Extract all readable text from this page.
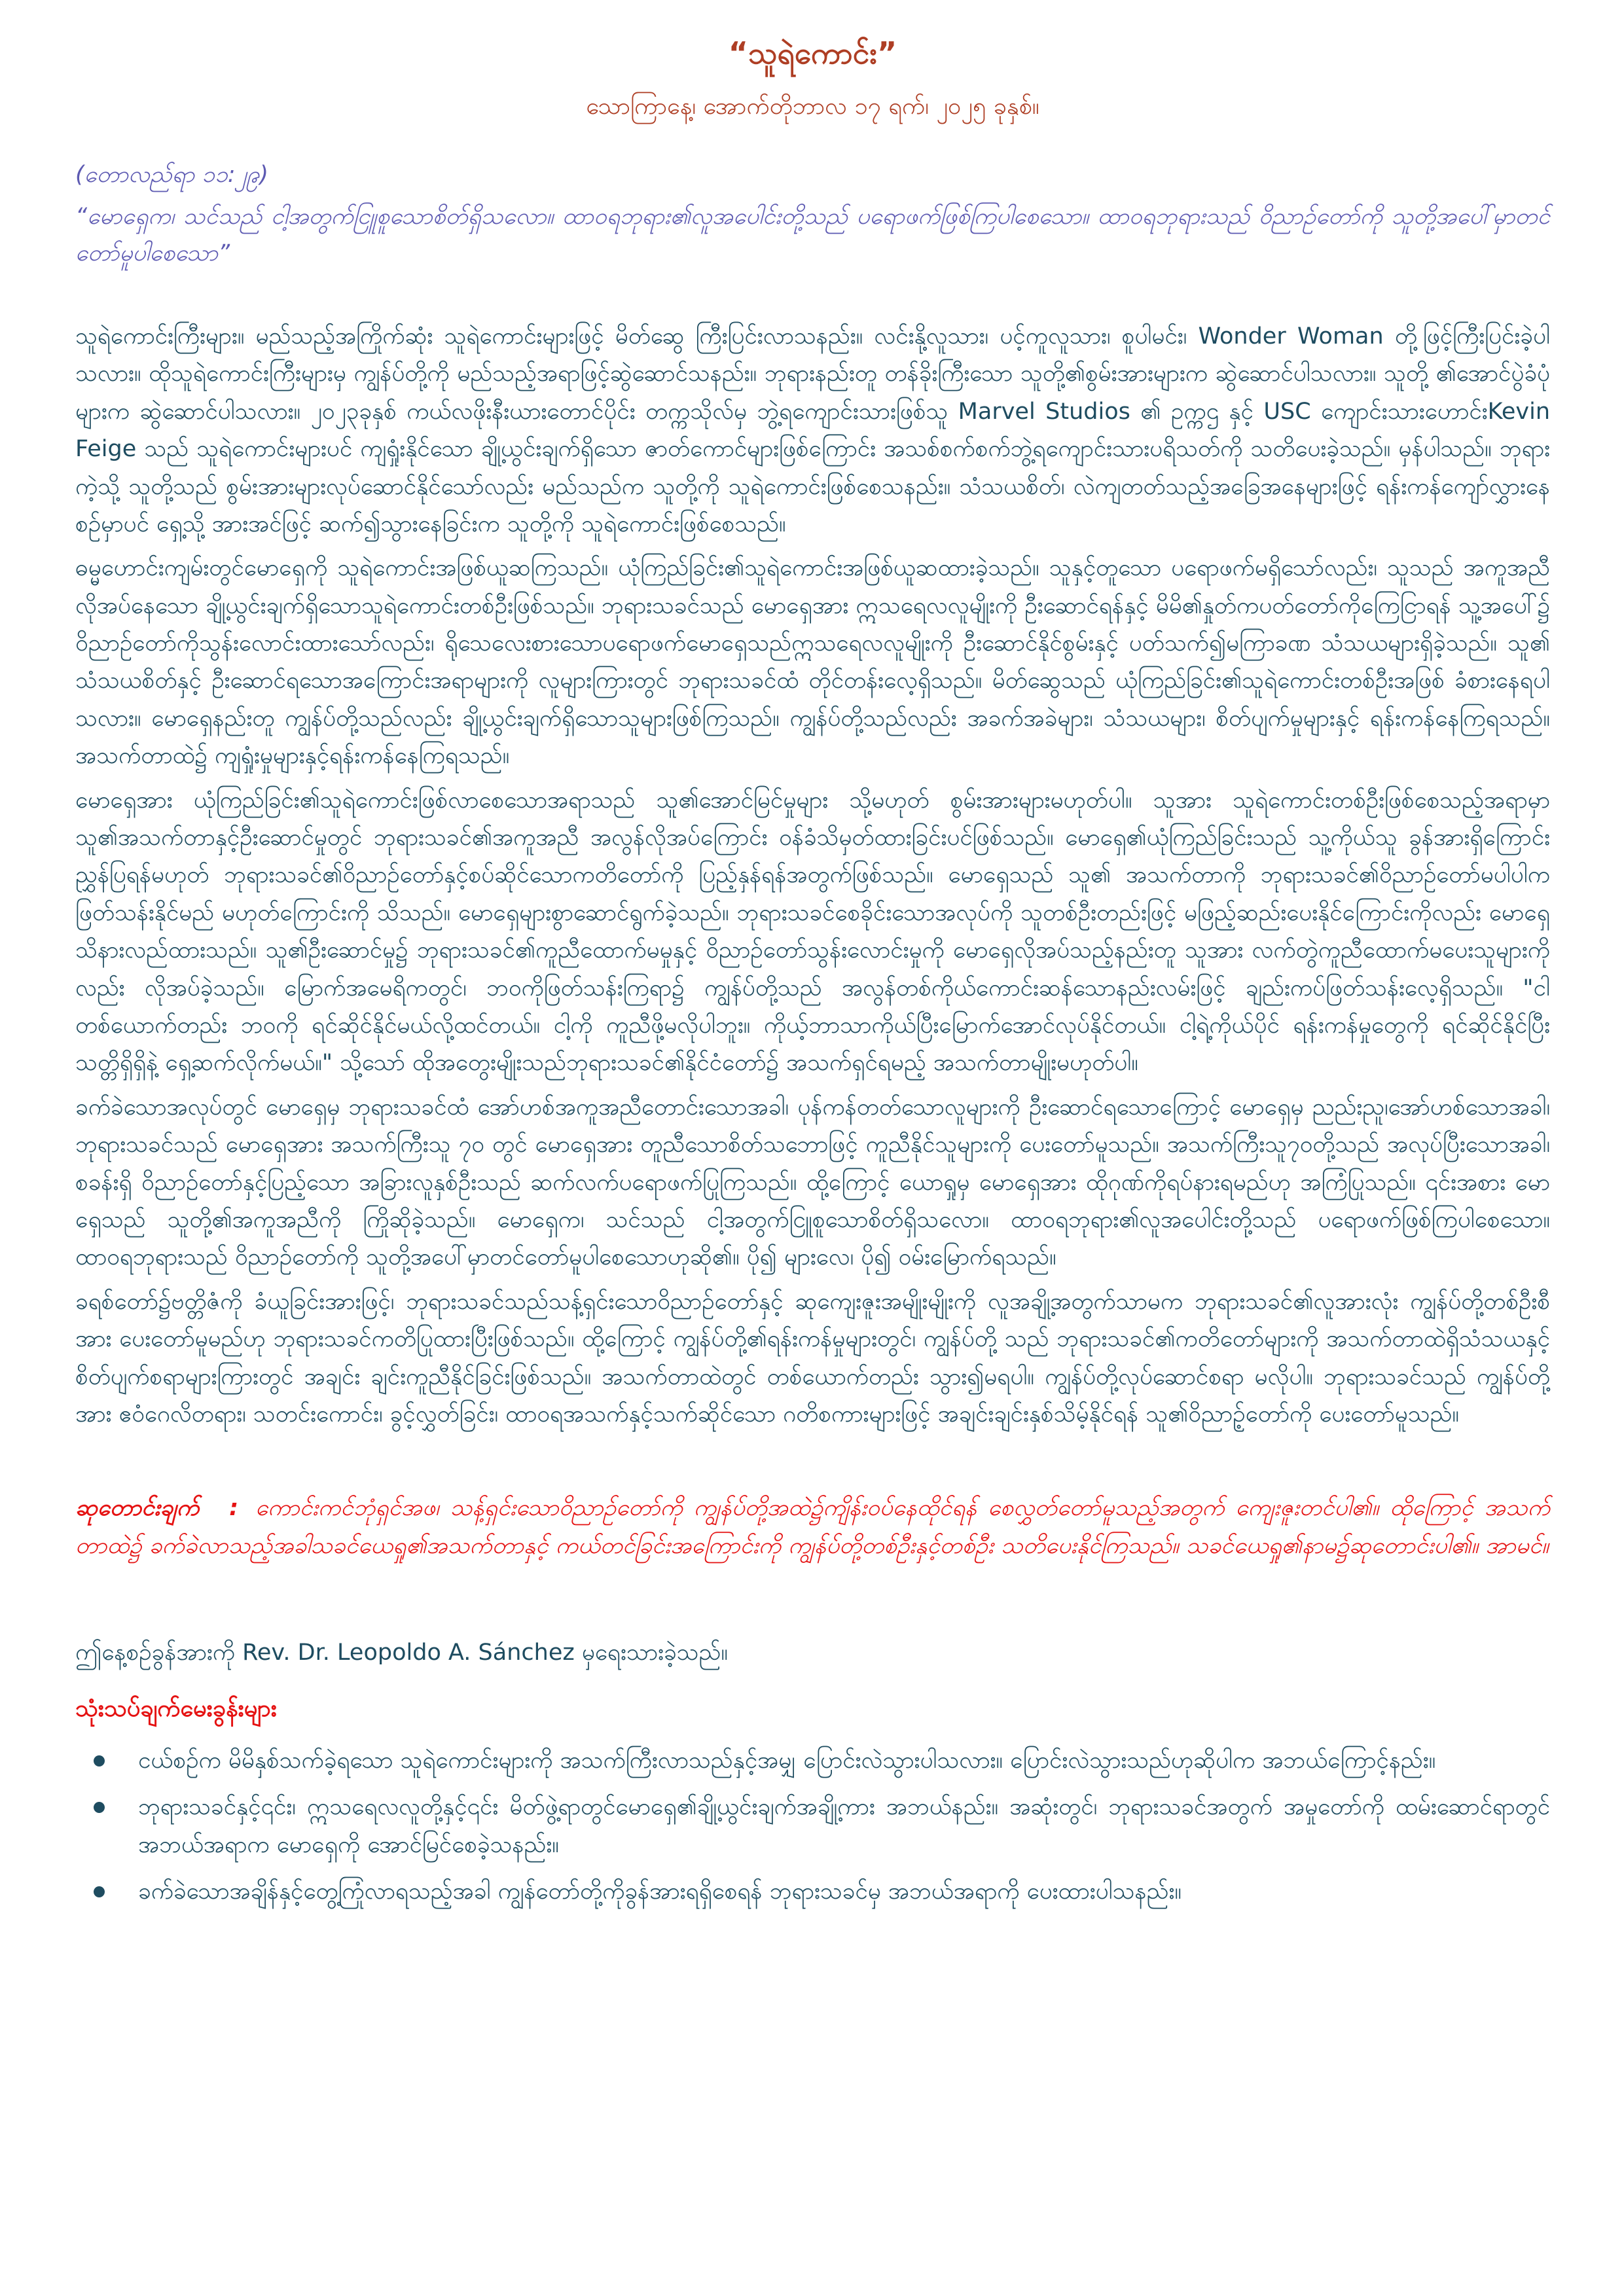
“သူရဲကောင်း”
သောကြာနေ့၊ အောက်တိုဘာလ ၁၇ ရက်၊ ၂၀၂၅ ခုနှစ်။
(တောလည်ရာ ၁၁:၂၉)
“မောရှေက၊ သင်သည် ငါ့အတွက်ငြူစူသောစိတ်ရှိသလော။ ထာဝရဘုရား၏လူအပေါင်းတို့သည် ပရောဖက်ဖြစ်ကြပါစေသော။ ထာဝရဘုရားသည် ဝိညာဉ်တော်ကို သူတို့အပေါ်မှာတင်တော်မူပါစေသော”

သူရဲကောင်းကြီးများ။ မည်သည့်အကြိုက်ဆုံး သူရဲကောင်းများဖြင့် မိတ်ဆွေ ကြီးပြင်းလာသနည်း။ လင်းနို့လူသား၊ ပင့်ကူလူသား၊ စူပါမင်း၊ Wonder Woman တို့ဖြင့်ကြီးပြင်းခဲ့ပါသလား။ ထိုသူရဲကောင်းကြီးများမှ ကျွန်ပ်တို့ကို မည်သည့်အရာဖြင့်ဆွဲဆောင်သနည်း။ ဘုရားနည်းတူ တန်ခိုးကြီးသော သူတို့၏စွမ်းအားများက ဆွဲဆောင်ပါသလား။ သူတို့ ၏အောင်ပွဲခံပုံများက ဆွဲဆောင်ပါသလား။ ၂၀၂၃ခုနှစ် ကယ်လဖိုးနီးယားတောင်ပိုင်း တက္ကသိုလ်မှ ဘွဲ့ရကျောင်းသားဖြစ်သူ Marvel Studios ၏ ဥက္ကဌ နှင့် USC ကျောင်းသားဟောင်းKevin Feige သည် သူရဲကောင်းများပင် ကျရှုံးနိုင်သော ချို့ယွင်းချက်ရှိသော ဇာတ်ကောင်များဖြစ်ကြောင်း အသစ်စက်စက်ဘွဲ့ရကျောင်းသားပရိသတ်ကို သတိပေးခဲ့သည်။ မှန်ပါသည်။ ဘုရားကဲ့သို့ သူတို့သည် စွမ်းအားများလုပ်ဆောင်နိုင်သော်လည်း မည်သည်က သူတို့ကို သူရဲကောင်းဖြစ်စေသနည်း။ သံသယစိတ်၊ လဲကျတတ်သည့်အခြေအနေများဖြင့် ရန်းကန်ကျော်လွှားနေစဉ်မှာပင် ရှေ့သို့ အားအင်ဖြင့် ဆက်၍သွားနေခြင်းက သူတို့ကို သူရဲကောင်းဖြစ်စေသည်။

ဓမ္မဟောင်းကျမ်းတွင်မောရှေကို သူရဲကောင်းအဖြစ်ယူဆကြသည်။ ယုံကြည်ခြင်း၏သူရဲကောင်းအဖြစ်ယူဆထားခဲ့သည်။ သူနှင့်တူသော ပရောဖက်မရှိသော်လည်း၊ သူသည် အကူအညီလိုအပ်နေသော ချို့ယွင်းချက်ရှိသောသူရဲကောင်းတစ်ဦးဖြစ်သည်။ ဘုရားသခင်သည် မောရှေအား ဣသရေလလူမျိုးကို ဦးဆောင်ရန်နှင့် မိမိ၏နှုတ်ကပတ်တော်ကိုကြေငြာရန် သူ့အပေါ်၌ ဝိညာဉ်တော်ကိုသွန်းလောင်းထားသော်လည်း၊ ရိုသေလေးစားသောပရောဖက်မောရှေသည်ဣသရေလလူမျိုးကို ဦးဆောင်နိုင်စွမ်းနှင့် ပတ်သက်၍မကြာခဏ သံသယများရှိခဲ့သည်။ သူ၏ သံသယစိတ်နှင့် ဦးဆောင်ရသောအကြောင်းအရာများကို လူများကြားတွင် ဘုရားသခင်ထံ တိုင်တန်းလေ့ရှိသည်။ မိတ်ဆွေသည် ယုံကြည်ခြင်း၏သူရဲကောင်းတစ်ဦးအဖြစ် ခံစားနေရပါသလား။ မောရှေနည်းတူ ကျွန်ပ်တို့သည်လည်း ချို့ယွင်းချက်ရှိသောသူများဖြစ်ကြသည်။ ကျွန်ပ်တို့သည်လည်း အခက်အခဲများ၊ သံသယများ၊ စိတ်ပျက်မှုများနှင့် ရန်းကန်နေကြရသည်။ အသက်တာထဲ၌ ကျရှုံးမှုများနှင့်ရန်းကန်နေကြရသည်။

မောရှေအား ယုံကြည်ခြင်း၏သူရဲကောင်းဖြစ်လာစေသောအရာသည် သူ၏အောင်မြင်မှုများ သို့မဟုတ် စွမ်းအားများမဟုတ်ပါ။ သူအား သူရဲကောင်းတစ်ဦးဖြစ်စေသည့်အရာမှာ သူ၏အသက်တာနှင့်ဦးဆောင်မှုတွင် ဘုရားသခင်၏အကူအညီ အလွန်လိုအပ်ကြောင်း ဝန်ခံသိမှတ်ထားခြင်းပင်ဖြစ်သည်။ မောရှေ၏ယုံကြည်ခြင်းသည် သူ့ကိုယ်သူ ခွန်အားရှိကြောင်း ညွှန်ပြရန်မဟုတ် ဘုရားသခင်၏ဝိညာဉ်တော်နှင့်စပ်ဆိုင်သောကတိတော်ကို ပြည့်နှန်ရန်အတွက်ဖြစ်သည်။ မောရှေသည် သူ၏ အသက်တာကို ဘုရားသခင်၏ဝိညာဉ်တော်မပါပါက ဖြတ်သန်းနိုင်မည် မဟုတ်ကြောင်းကို သိသည်။ မောရှေများစွာဆောင်ရွက်ခဲ့သည်။ ဘုရားသခင်စေခိုင်းသောအလုပ်ကို သူတစ်ဦးတည်းဖြင့် မဖြည့်ဆည်းပေးနိုင်ကြောင်းကိုလည်း မောရှေသိနားလည်ထားသည်။ သူ၏ဦးဆောင်မှု၌ ဘုရားသခင်၏ကူညီထောက်မမှုနှင့် ဝိညာဉ်တော်သွန်းလောင်းမှုကို မောရှေလိုအပ်သည့်နည်းတူ သူအား လက်တွဲကူညီထောက်မပေးသူများကိုလည်း လိုအပ်ခဲ့သည်။ မြောက်အမေရိကတွင်၊ ဘဝကိုဖြတ်သန်းကြရာ၌ ကျွန်ပ်တို့သည် အလွန်တစ်ကိုယ်ကောင်းဆန်သောနည်းလမ်းဖြင့် ချည်းကပ်ဖြတ်သန်းလေ့ရှိသည်။ "ငါ တစ်ယောက်တည်း ဘဝကို ရင်ဆိုင်နိုင်မယ်လို့ထင်တယ်။ ငါ့ကို ကူညီဖို့မလိုပါဘူး။ ကိုယ့်ဘာသာကိုယ်ပြီးမြောက်အောင်လုပ်နိုင်တယ်။ ငါ့ရဲ့ကိုယ်ပိုင် ရန်းကန်မှုတွေကို ရင်ဆိုင်နိုင်ပြီး သတ္တိရှိရှိနဲ့ ရှေ့ဆက်လိုက်မယ်။" သို့သော် ထိုအတွေးမျိုးသည်ဘုရားသခင်၏နိုင်ငံတော်၌ အသက်ရှင်ရမည့် အသက်တာမျိုးမဟုတ်ပါ။

ခက်ခဲသောအလုပ်တွင် မောရှေမှ ဘုရားသခင်ထံ အော်ဟစ်အကူအညီတောင်းသောအခါ၊ ပုန်ကန်တတ်သောလူများကို ဦးဆောင်ရသောကြောင့် မောရှေမှ ညည်းညူ၊အော်ဟစ်သောအခါ၊ ဘုရားသခင်သည် မောရှေအား အသက်ကြီးသူ ၇၀ တွင် မောရှေအား တူညီသောစိတ်သဘောဖြင့် ကူညီနိုင်သူများကို ပေးတော်မူသည်။ အသက်ကြီးသူ၇ဝတို့သည် အလုပ်ပြီးသောအခါ၊ စခန်းရှိ ဝိညာဉ်တော်နှင့်ပြည့်သော အခြားလူနှစ်ဦးသည် ဆက်လက်ပရောဖက်ပြုကြသည်။ ထို့ကြောင့် ယောရှုမှ မောရှေအား ထိုဂုဏ်ကိုရပ်နားရမည်ဟု အကြံပြုသည်။ ၎င်းအစား မောရှေသည် သူတို့၏အကူအညီကို ကြိုဆိုခဲ့သည်။ မောရှေက၊ သင်သည် ငါ့အတွက်ငြူစူသောစိတ်ရှိသလော။ ထာဝရဘုရား၏လူအပေါင်းတို့သည် ပရောဖက်ဖြစ်ကြပါစေသော။ ထာဝရဘုရားသည် ဝိညာဉ်တော်ကို သူတို့အပေါ်မှာတင်တော်မူပါစေသောဟုဆို၏။ ပို၍ များလေ၊ ပို၍ ဝမ်းမြောက်ရသည်။

ခရစ်တော်၌ဗတ္တိဇံကို ခံယူခြင်းအားဖြင့်၊ ဘုရားသခင်သည်သန့်ရှင်းသောဝိညာဉ်တော်နှင့် ဆုကျေးဇူးအမျိုးမျိုးကို လူအချို့အတွက်သာမက ဘုရားသခင်၏လူအားလုံး ကျွန်ပ်တို့တစ်ဦးစီအား ပေးတော်မူမည်ဟု ဘုရားသခင်ကတိပြုထားပြီးဖြစ်သည်။ ထို့ကြောင့် ကျွန်ပ်တို့၏ရန်းကန်မှုများတွင်၊ ကျွန်ပ်တို့ သည် ဘုရားသခင်၏ကတိတော်များကို အသက်တာထဲရှိသံသယနှင့်စိတ်ပျက်စရာများကြားတွင် အချင်း ချင်းကူညီနိုင်ခြင်းဖြစ်သည်။ အသက်တာထဲတွင် တစ်ယောက်တည်း သွား၍မရပါ။ ကျွန်ပ်တို့လုပ်ဆောင်စရာ မလိုပါ။ ဘုရားသခင်သည် ကျွန်ပ်တို့အား ဧဝံဂေလိတရား၊ သတင်းကောင်း၊ ခွင့်လွှတ်ခြင်း၊ ထာဝရအသက်နှင့်သက်ဆိုင်သော ဂတိစကားများဖြင့် အချင်းချင်းနှစ်သိမ့်နိုင်ရန် သူ၏ဝိညာဉ့်တော်ကို ပေးတော်မူသည်။

ဆုတောင်းချက် : ကောင်းကင်ဘုံရှင်အဖ၊ သန့်ရှင်းသောဝိညာဉ်တော်ကို ကျွန်ပ်တို့အထဲ၌ကျိန်းဝပ်နေထိုင်ရန် စေလွှတ်တော်မူသည့်အတွက် ကျေးဇူးတင်ပါ၏။ ထိုကြောင့် အသက်တာထဲ၌ ခက်ခဲလာသည့်အခါသခင်ယေရှု၏အသက်တာနှင့် ကယ်တင်ခြင်းအကြောင်းကို ကျွန်ပ်တို့တစ်ဦးနှင့်တစ်ဦး သတိပေးနိုင်ကြသည်။ သခင်ယေရှု၏နာမ၌ဆုတောင်းပါ၏။ အာမင်။
ဤနေ့စဉ်ခွန်အားကို Rev. Dr. Leopoldo A. Sánchez မှရေးသားခဲ့သည်။
သုံးသပ်ချက်မေးခွန်းများ
ငယ်စဉ်က မိမိနှစ်သက်ခဲ့ရသော သူရဲကောင်းများကို အသက်ကြီးလာသည်နှင့်အမျှ ပြောင်းလဲသွားပါသလား။ ပြောင်းလဲသွားသည်ဟုဆိုပါက အဘယ်ကြောင့်နည်း။
ဘုရားသခင်နှင့်၎င်း၊ ဣသရေလလူတို့နှင့်၎င်း မိတ်ဖွဲ့ရာတွင်မောရှေ၏ချို့ယွင်းချက်အချို့ကား အဘယ်နည်း။ အဆုံးတွင်၊ ဘုရားသခင်အတွက် အမှုတော်ကို ထမ်းဆောင်ရာတွင် အဘယ်အရာက မောရှေကို အောင်မြင်စေခဲ့သနည်း။
ခက်ခဲသောအချိန်နှင့်တွေ့ကြုံလာရသည့်အခါ ကျွန်တော်တို့ကိုခွန်အားရရှိစေရန် ဘုရားသခင်မှ အဘယ်အရာကို ပေးထားပါသနည်း။
